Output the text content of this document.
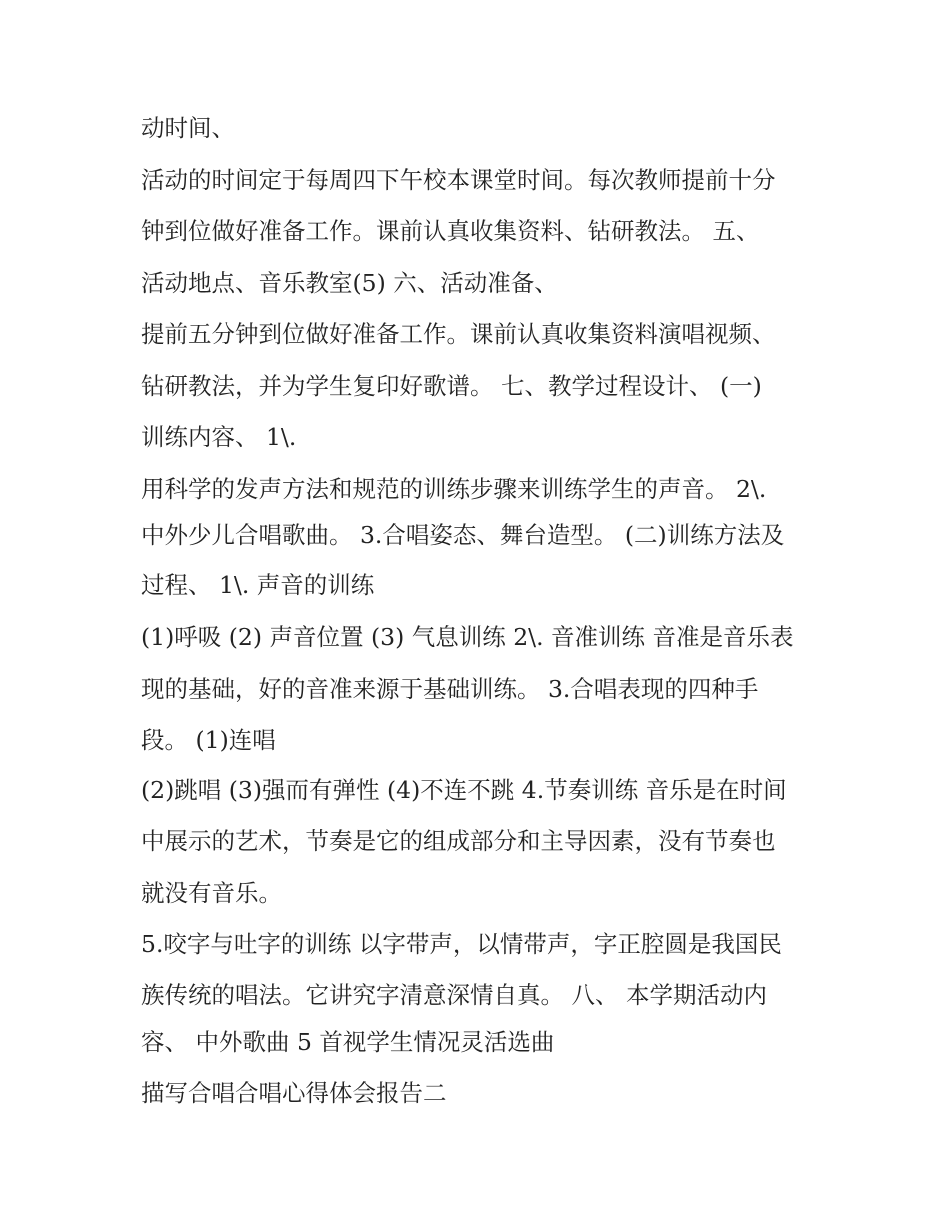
动时间、
活动的时间定于每周四下午校本课堂时间。每次教师提前十分
钟到位做好准备工作。课前认真收集资料、钻研教法。 五、
活动地点、音乐教室(5) 六、活动准备、
提前五分钟到位做好准备工作。课前认真收集资料演唱视频、
钻研教法，并为学生复印好歌谱。 七、教学过程设计、 (一)
训练内容、 1\.
用科学的发声方法和规范的训练步骤来训练学生的声音。 2\.
中外少儿合唱歌曲。 3.合唱姿态、舞台造型。 (二)训练方法及
过程、 1\. 声音的训练
(1)呼吸 (2) 声音位置 (3) 气息训练 2\. 音准训练 音准是音乐表
现的基础，好的音准来源于基础训练。 3.合唱表现的四种手
段。 (1)连唱
(2)跳唱 (3)强而有弹性 (4)不连不跳 4.节奏训练 音乐是在时间
中展示的艺术，节奏是它的组成部分和主导因素，没有节奏也
就没有音乐。
5.咬字与吐字的训练 以字带声，以情带声，字正腔圆是我国民
族传统的唱法。它讲究字清意深情自真。 八、 本学期活动内
容、 中外歌曲 5 首视学生情况灵活选曲
描写合唱合唱心得体会报告二
